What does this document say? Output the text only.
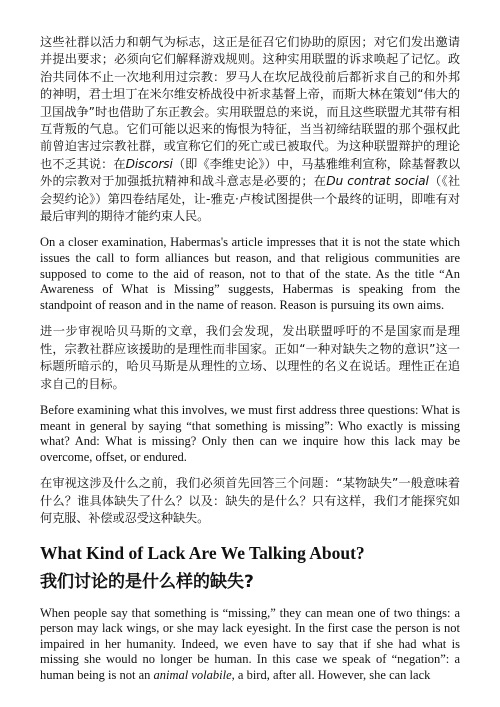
这些社群以活力和朝气为标志，这正是征召它们协助的原因；对它们发出邀请并提出要求；必须向它们解释游戏规则。这种实用联盟的诉求唤起了记忆。政治共同体不止一次地利用过宗教：罗马人在坎尼战役前后都祈求自己的和外邦的神明，君士坦丁在米尔维安桥战役中祈求基督上帝，而斯大林在策划“伟大的卫国战争”时也借助了东正教会。实用联盟总的来说，而且这些联盟尤其带有相互背叛的气息。它们可能以迟来的悔恨为特征，当当初缔结联盟的那个强权此前曾迫害过宗教社群，或宣称它们的死亡或已被取代。为这种联盟辩护的理论也不乏其说：在Discorsi（即《李维史论》）中，马基雅维利宣称，除基督教以外的宗教对于加强抵抗精神和战斗意志是必要的；在Du contrat social（《社会契约论》）第四卷结尾处，让-雅克·卢梭试图提供一个最终的证明，即唯有对最后审判的期待才能约束人民。

On a closer examination, Habermas's article impresses that it is not the state which issues the call to form alliances but reason, and that religious communities are supposed to come to the aid of reason, not to that of the state. As the title “An Awareness of What is Missing” suggests, Habermas is speaking from the standpoint of reason and in the name of reason. Reason is pursuing its own aims.

进一步审视哈贝马斯的文章，我们会发现，发出联盟呼吁的不是国家而是理性，宗教社群应该援助的是理性而非国家。正如“一种对缺失之物的意识”这一标题所暗示的，哈贝马斯是从理性的立场、以理性的名义在说话。理性正在追求自己的目标。

Before examining what this involves, we must first address three questions: What is meant in general by saying “that something is missing”: Who exactly is missing what? And: What is missing? Only then can we inquire how this lack may be overcome, offset, or endured.

在审视这涉及什么之前，我们必须首先回答三个问题：“某物缺失”一般意味着什么？谁具体缺失了什么？以及：缺失的是什么？只有这样，我们才能探究如何克服、补偿或忍受这种缺失。

What Kind of Lack Are We Talking About?
我们讨论的是什么样的缺失?

When people say that something is “missing,” they can mean one of two things: a person may lack wings, or she may lack eyesight. In the first case the person is not impaired in her humanity. Indeed, we even have to say that if she had what is missing she would no longer be human. In this case we speak of “negation”: a human being is not an animal volabile, a bird, after all. However, she can lack
